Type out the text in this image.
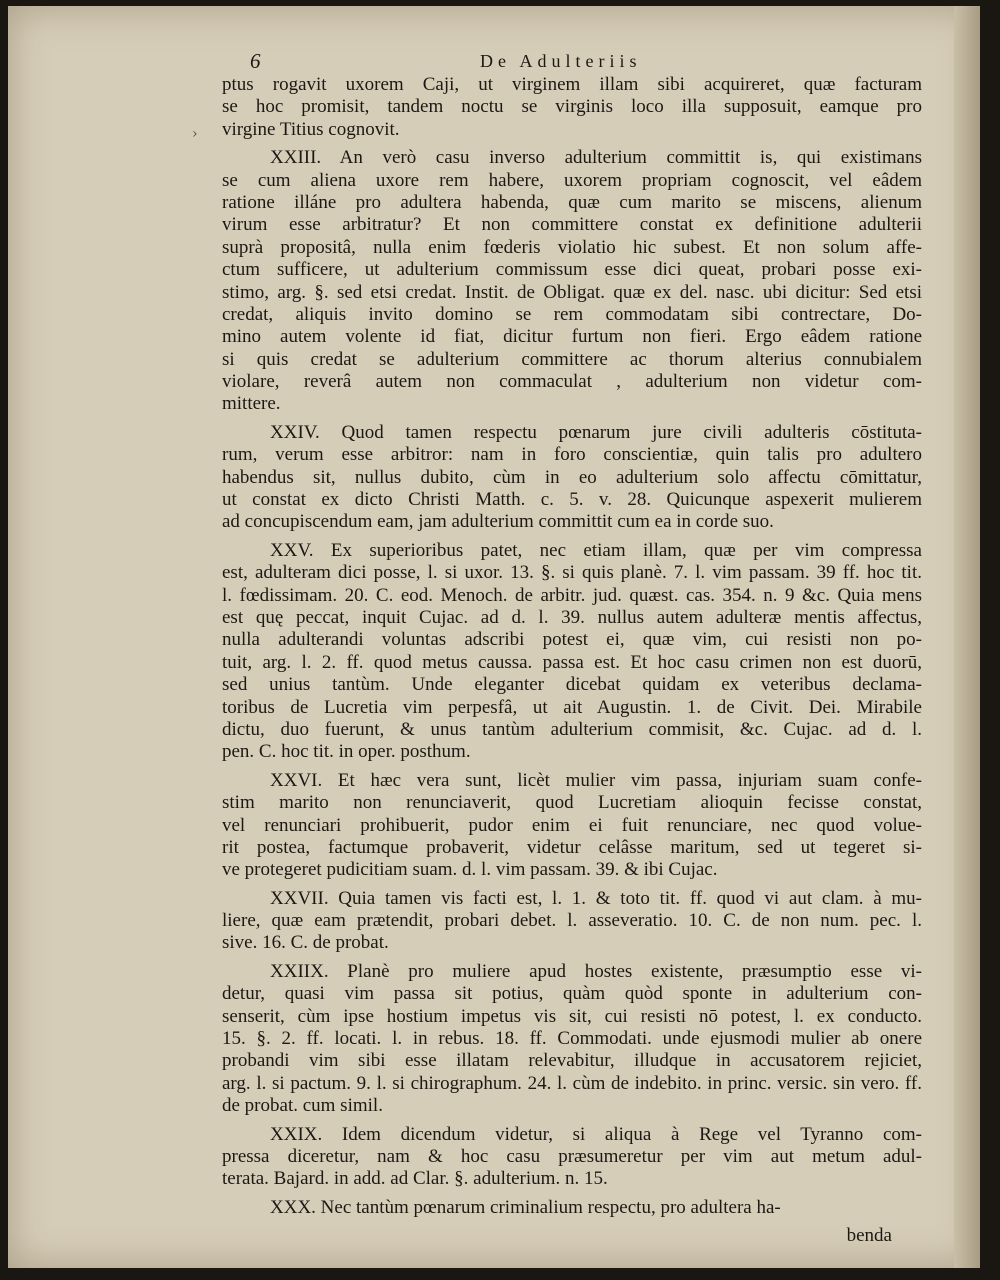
›
6	De Adulteriis
ptus rogavit uxorem Caji, ut virginem illam sibi acquireret, quæ facturam
se hoc promisit, tandem noctu se virginis loco illa supposuit, eamque pro
virgine Titius cognovit.
XXIII. An verò casu inverso adulterium committit is, qui existimans
se cum aliena uxore rem habere, uxorem propriam cognoscit, vel eâdem
ratione illáne pro adultera habenda, quæ cum marito se miscens, alienum
virum esse arbitratur? Et non committere constat ex definitione adulterii
suprà propositâ, nulla enim fœderis violatio hic subest. Et non solum affe-
ctum sufficere, ut adulterium commissum esse dici queat, probari posse exi-
stimo, arg. §. sed etsi credat. Instit. de Obligat. quæ ex del. nasc. ubi dicitur: Sed etsi
credat, aliquis invito domino se rem commodatam sibi contrectare, Do-
mino autem volente id fiat, dicitur furtum non fieri. Ergo eâdem ratione
si quis credat se adulterium committere ac thorum alterius connubialem
violare, reverâ autem non commaculat , adulterium non videtur com-
mittere.
XXIV. Quod tamen respectu pœnarum jure civili adulteris cōstituta-
rum, verum esse arbitror: nam in foro conscientiæ, quin talis pro adultero
habendus sit, nullus dubito, cùm in eo adulterium solo affectu cōmittatur,
ut constat ex dicto Christi Matth. c. 5. v. 28. Quicunque aspexerit mulierem
ad concupiscendum eam, jam adulterium committit cum ea in corde suo.
XXV. Ex superioribus patet, nec etiam illam, quæ per vim compressa
est, adulteram dici posse, l. si uxor. 13. §. si quis planè. 7. l. vim passam. 39 ff. hoc tit.
l. fœdissimam. 20. C. eod. Menoch. de arbitr. jud. quæst. cas. 354. n. 9 &c. Quia mens
est quę peccat, inquit Cujac. ad d. l. 39. nullus autem adulteræ mentis affectus,
nulla adulterandi voluntas adscribi potest ei, quæ vim, cui resisti non po-
tuit, arg. l. 2. ff. quod metus caussa. passa est. Et hoc casu crimen non est duorū,
sed unius tantùm. Unde eleganter dicebat quidam ex veteribus declama-
toribus de Lucretia vim perpesfâ, ut ait Augustin. 1. de Civit. Dei. Mirabile
dictu, duo fuerunt, & unus tantùm adulterium commisit, &c. Cujac. ad d. l.
pen. C. hoc tit. in oper. posthum.
XXVI. Et hæc vera sunt, licèt mulier vim passa, injuriam suam confe-
stim marito non renunciaverit, quod Lucretiam alioquin fecisse constat,
vel renunciari prohibuerit, pudor enim ei fuit renunciare, nec quod volue-
rit postea, factumque probaverit, videtur celâsse maritum, sed ut tegeret si-
ve protegeret pudicitiam suam. d. l. vim passam. 39. & ibi Cujac.
XXVII. Quia tamen vis facti est, l. 1. & toto tit. ff. quod vi aut clam. à mu-
liere, quæ eam prætendit, probari debet. l. asseveratio. 10. C. de non num. pec. l.
sive. 16. C. de probat.
XXIIX. Planè pro muliere apud hostes existente, præsumptio esse vi-
detur, quasi vim passa sit potius, quàm quòd sponte in adulterium con-
senserit, cùm ipse hostium impetus vis sit, cui resisti nō potest, l. ex conducto.
15. §. 2. ff. locati. l. in rebus. 18. ff. Commodati. unde ejusmodi mulier ab onere
probandi vim sibi esse illatam relevabitur, illudque in accusatorem rejiciet,
arg. l. si pactum. 9. l. si chirographum. 24. l. cùm de indebito. in princ. versic. sin vero. ff.
de probat. cum simil.
XXIX. Idem dicendum videtur, si aliqua à Rege vel Tyranno com-
pressa diceretur, nam & hoc casu præsumeretur per vim aut metum adul-
terata. Bajard. in add. ad Clar. §. adulterium. n. 15.
XXX. Nec tantùm pœnarum criminalium respectu, pro adultera ha-
benda
